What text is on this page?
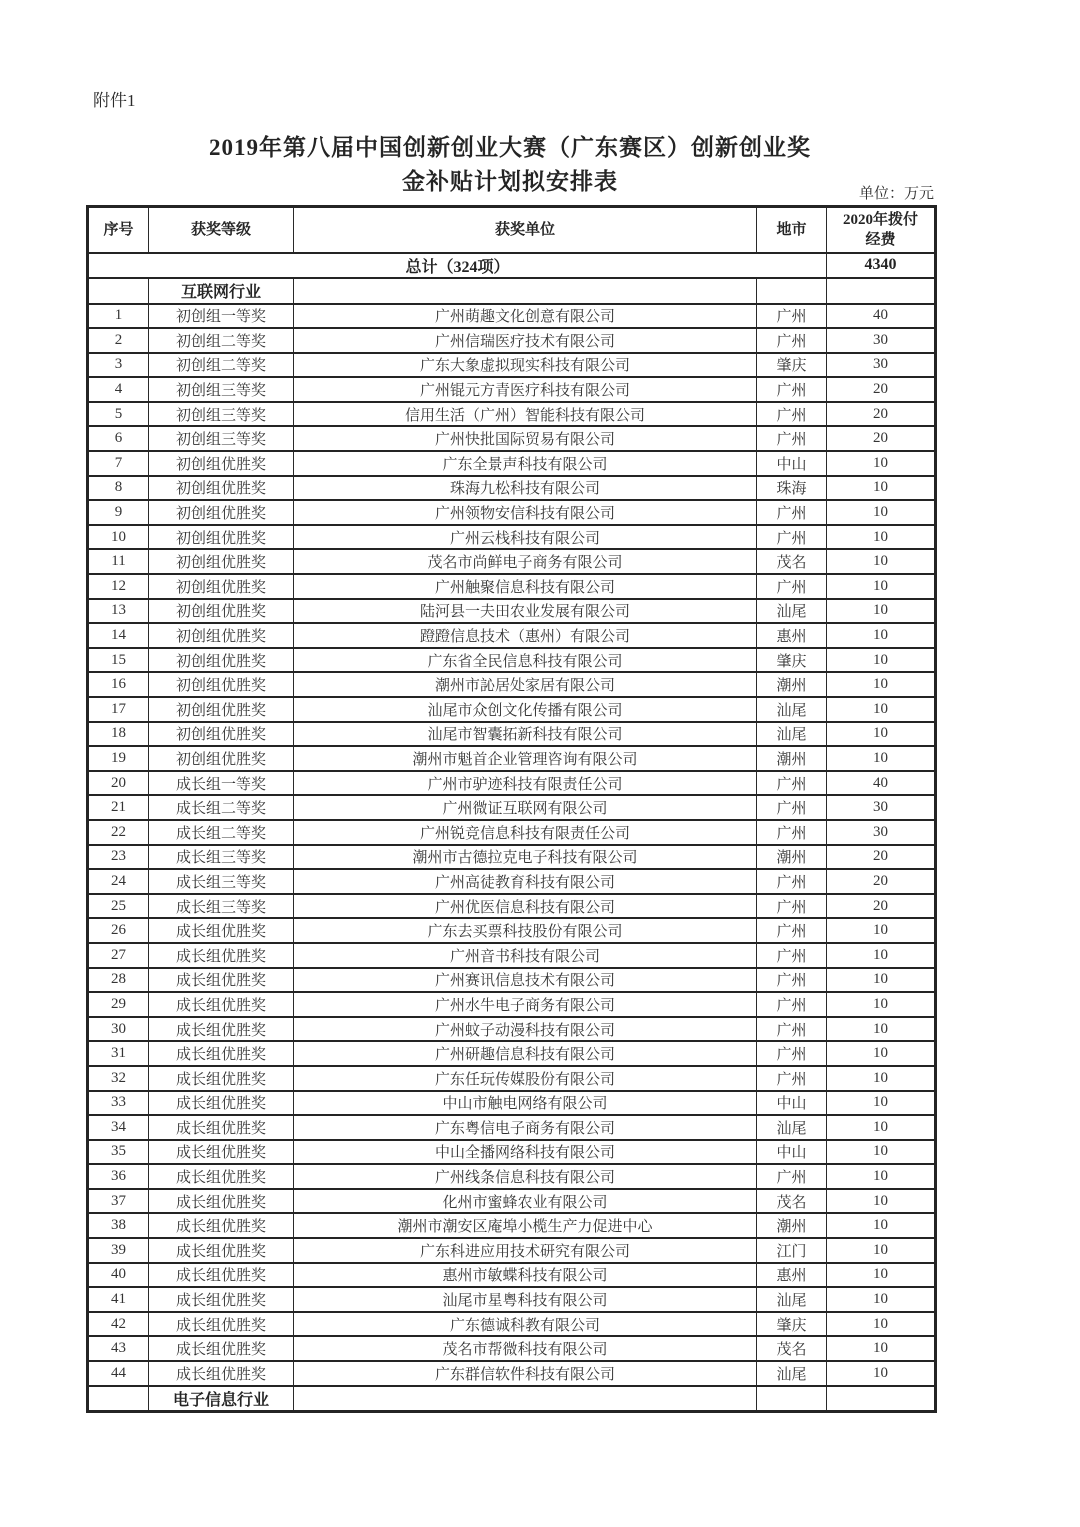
附件1
2019年第八届中国创新创业大赛（广东赛区）创新创业奖
金补贴计划拟安排表	单位：万元
序号	获奖等级	获奖单位	地市	2020年拨付
经费
总计（324项）				4340
	互联网行业			
1	初创组一等奖	广州萌趣文化创意有限公司	广州	40
2	初创组二等奖	广州信瑞医疗技术有限公司	广州	30
3	初创组二等奖	广东大象虚拟现实科技有限公司	肇庆	30
4	初创组三等奖	广州锟元方青医疗科技有限公司	广州	20
5	初创组三等奖	信用生活（广州）智能科技有限公司	广州	20
6	初创组三等奖	广州快批国际贸易有限公司	广州	20
7	初创组优胜奖	广东全景声科技有限公司	中山	10
8	初创组优胜奖	珠海九松科技有限公司	珠海	10
9	初创组优胜奖	广州领物安信科技有限公司	广州	10
10	初创组优胜奖	广州云栈科技有限公司	广州	10
11	初创组优胜奖	茂名市尚鲜电子商务有限公司	茂名	10
12	初创组优胜奖	广州触聚信息科技有限公司	广州	10
13	初创组优胜奖	陆河县一夫田农业发展有限公司	汕尾	10
14	初创组优胜奖	蹬蹬信息技术（惠州）有限公司	惠州	10
15	初创组优胜奖	广东省全民信息科技有限公司	肇庆	10
16	初创组优胜奖	潮州市訫居处家居有限公司	潮州	10
17	初创组优胜奖	汕尾市众创文化传播有限公司	汕尾	10
18	初创组优胜奖	汕尾市智囊拓新科技有限公司	汕尾	10
19	初创组优胜奖	潮州市魁首企业管理咨询有限公司	潮州	10
20	成长组一等奖	广州市驴迹科技有限责任公司	广州	40
21	成长组二等奖	广州微证互联网有限公司	广州	30
22	成长组二等奖	广州锐竞信息科技有限责任公司	广州	30
23	成长组三等奖	潮州市古德拉克电子科技有限公司	潮州	20
24	成长组三等奖	广州高徒教育科技有限公司	广州	20
25	成长组三等奖	广州优医信息科技有限公司	广州	20
26	成长组优胜奖	广东去买票科技股份有限公司	广州	10
27	成长组优胜奖	广州音书科技有限公司	广州	10
28	成长组优胜奖	广州赛讯信息技术有限公司	广州	10
29	成长组优胜奖	广州水牛电子商务有限公司	广州	10
30	成长组优胜奖	广州蚊子动漫科技有限公司	广州	10
31	成长组优胜奖	广州研趣信息科技有限公司	广州	10
32	成长组优胜奖	广东任玩传媒股份有限公司	广州	10
33	成长组优胜奖	中山市触电网络有限公司	中山	10
34	成长组优胜奖	广东粤信电子商务有限公司	汕尾	10
35	成长组优胜奖	中山全播网络科技有限公司	中山	10
36	成长组优胜奖	广州线条信息科技有限公司	广州	10
37	成长组优胜奖	化州市蜜蜂农业有限公司	茂名	10
38	成长组优胜奖	潮州市潮安区庵埠小榄生产力促进中心	潮州	10
39	成长组优胜奖	广东科进应用技术研究有限公司	江门	10
40	成长组优胜奖	惠州市敏蝶科技有限公司	惠州	10
41	成长组优胜奖	汕尾市星粤科技有限公司	汕尾	10
42	成长组优胜奖	广东德诚科教有限公司	肇庆	10
43	成长组优胜奖	茂名市帮微科技有限公司	茂名	10
44	成长组优胜奖	广东群信软件科技有限公司	汕尾	10
	电子信息行业			
